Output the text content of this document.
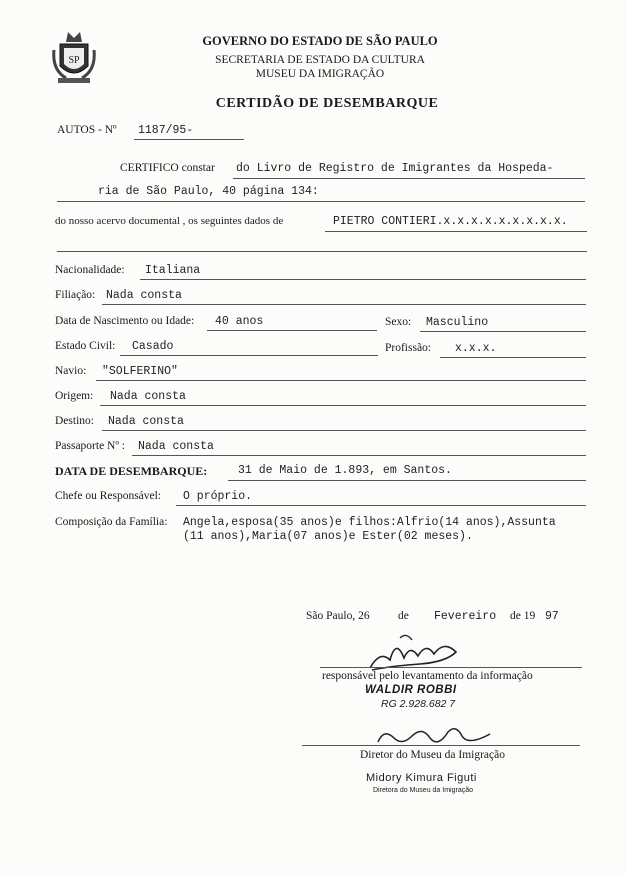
SP
GOVERNO DO ESTADO DE SÃO PAULO
SECRETARIA DE ESTADO DA CULTURA
MUSEU DA IMIGRAÇÃO
CERTIDÃO DE DESEMBARQUE
AUTOS - Nº 1187/95-
CERTIFICO constar do Livro de Registro de Imigrantes da Hospeda-
ria de São Paulo, 40 página 134:
do nosso acervo documental , os seguintes dados de	PIETRO CONTIERI.x.x.x.x.x.x.x.x.x.
Nacionalidade: Italiana
Filiação: Nada consta
Data de Nascimento ou Idade: 40 anos	Sexo: Masculino
Estado Civil: Casado	Profissão: x.x.x.
Navio: "SOLFERINO"
Origem: Nada consta
Destino: Nada consta
Passaporte Nº : Nada consta
DATA DE DESEMBARQUE:	31 de Maio de 1.893, em Santos.
Chefe ou Responsável: O próprio.
Composição da Família: Angela,esposa(35 anos)e filhos:Alfrio(14 anos),Assunta
(11 anos),Maria(07 anos)e Ester(02 meses).
São Paulo, 26 de Fevereiro de 19 97
responsável pelo levantamento da informação
WALDIR ROBBI
RG 2.928.682 7
Diretor do Museu da Imigração
Midory Kimura Figuti
Diretora do Museu da Imigração
